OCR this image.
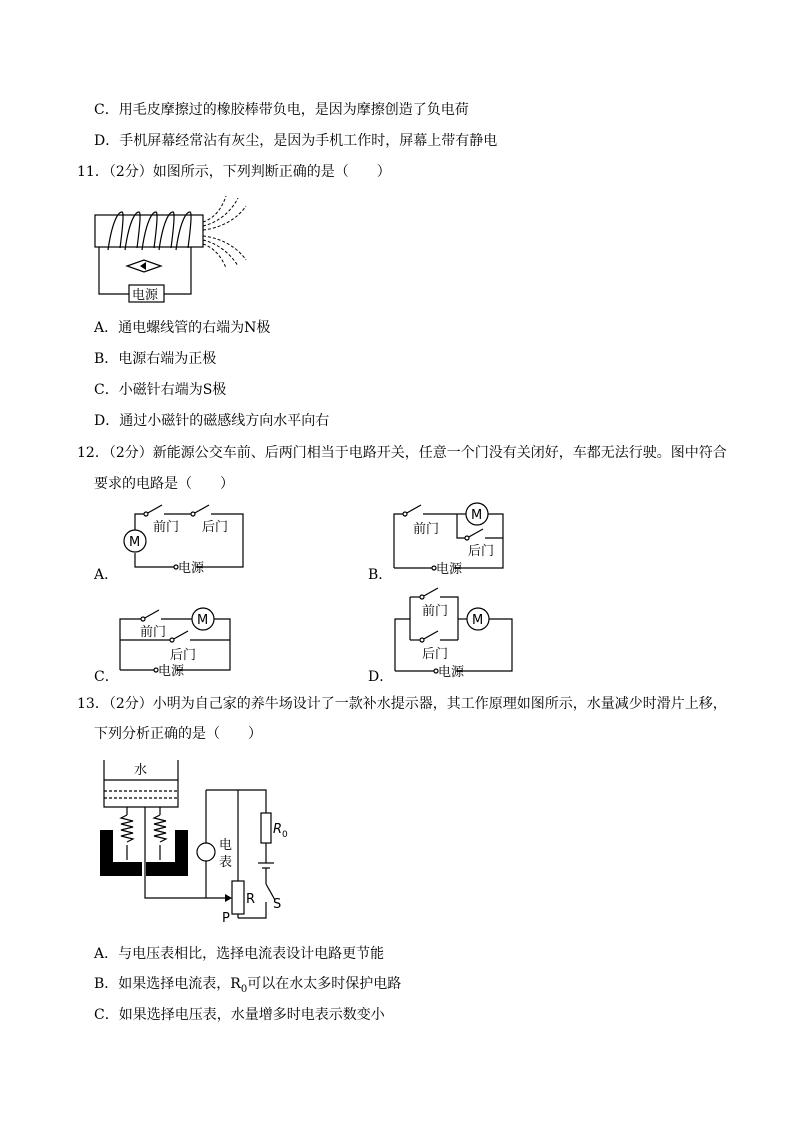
C．用毛皮摩擦过的橡胶棒带负电，是因为摩擦创造了负电荷
D．手机屏幕经常沾有灰尘，是因为手机工作时，屏幕上带有静电
11．（2分）如图所示，下列判断正确的是（　　）
电源
A．通电螺线管的右端为N极
B．电源右端为正极
C．小磁针右端为S极
D．通过小磁针的磁感线方向水平向右
12．（2分）新能源公交车前、后两门相当于电路开关，任意一个门没有关闭好，车都无法行驶。图中符合
要求的电路是（　　）
M
前门 后门
电源
M
前门
后门
电源
M
前门
后门
电源
M
前门
后门
电源
A．	B．
C．	D．
13．（2分）小明为自己家的养牛场设计了一款补水提示器，其工作原理如图所示，水量减少时滑片上移，
下列分析正确的是（　　）
水
电
表
R 0
R S
P
A．与电压表相比，选择电流表设计电路更节能
B．如果选择电流表，$R_0$可以在水太多时保护电路
C．如果选择电压表，水量增多时电表示数变小
